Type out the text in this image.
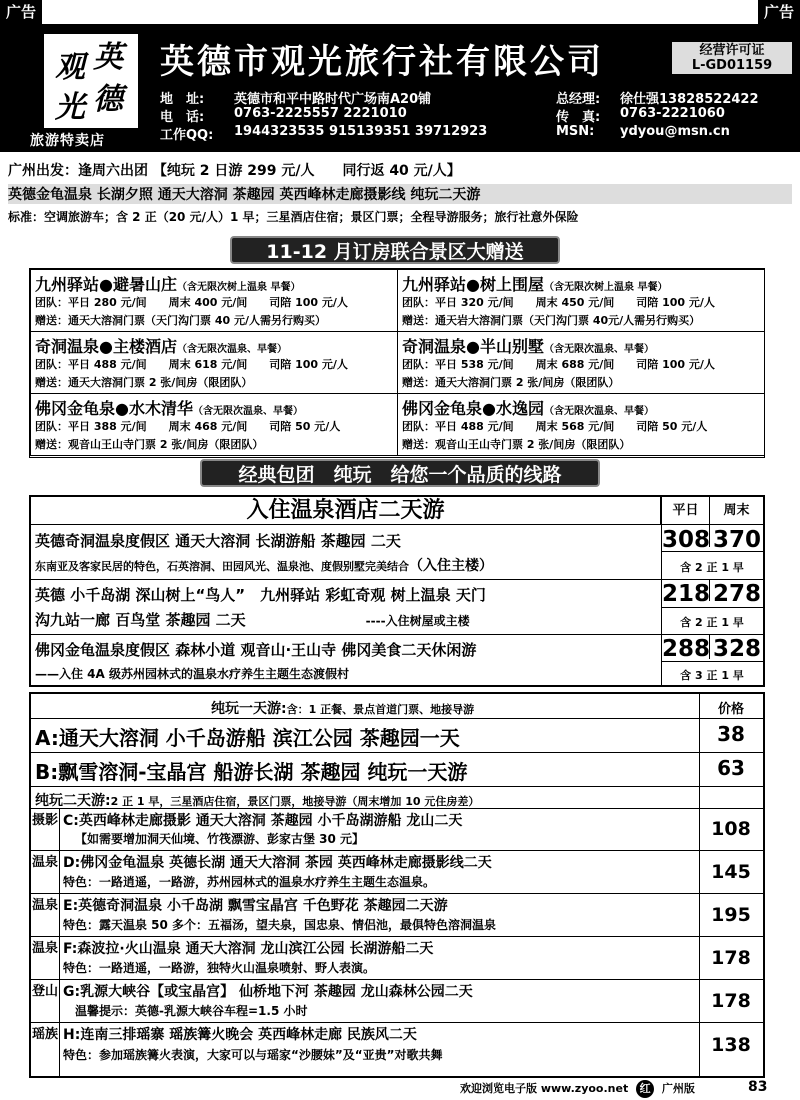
广告	广告
英
德
观
光
旅游特卖店
英德市观光旅行社有限公司	经营许可证
L-GD01159
地　址: 英德市和平中路时代广场南A20铺
电　话: 0763-2225557 2221010
工作QQ: 1944323535 915139351 39712923
总经理: 徐仕强13828522422
传　真: 0763-2221060
MSN: ydyou@msn.cn
广州出发：逢周六出团 【纯玩 2 日游 299 元/人　　同行返 40 元/人】
英德金龟温泉 长湖夕照 通天大溶洞 茶趣园 英西峰林走廊摄影线 纯玩二天游
标准：空调旅游车；含 2 正（20 元/人）1 早；三星酒店住宿；景区门票；全程导游服务；旅行社意外保险
11-12 月订房联合景区大赠送
九州驿站●避暑山庄（含无限次树上温泉 早餐）
团队：平日 280 元/间　　周末 400 元/间　　司陪 100 元/人
赠送：通天大溶洞门票（天门沟门票 40 元/人需另行购买）
九州驿站●树上围屋（含无限次树上温泉 早餐）
团队：平日 320 元/间　　周末 450 元/间　　司陪 100 元/人
赠送：通天岩大溶洞门票（天门沟门票 40元/人需另行购买）
奇洞温泉●主楼酒店（含无限次温泉、早餐）
团队：平日 488 元/间　　周末 618 元/间　　司陪 100 元/人
赠送：通天大溶洞门票 2 张/间房（限团队）
奇洞温泉●半山别墅（含无限次温泉、早餐）
团队：平日 538 元/间　　周末 688 元/间　　司陪 100 元/人
赠送：通天大溶洞门票 2 张/间房（限团队）
佛冈金龟泉●水木清华（含无限次温泉、早餐）
团队：平日 388 元/间　　周末 468 元/间　　司陪 50 元/人
赠送：观音山王山寺门票 2 张/间房（限团队）
佛冈金龟泉●水逸园（含无限次温泉、早餐）
团队：平日 488 元/间　　周末 568 元/间　　司陪 50 元/人
赠送：观音山王山寺门票 2 张/间房（限团队）
经典包团　纯玩　给您一个品质的线路
入住温泉酒店二天游	平日	周末
英德奇洞温泉度假区 通天大溶洞 长湖游船 茶趣园 二天
东南亚及客家民居的特色，石英溶洞、田园风光、温泉池、度假别墅完美结合（入住主楼）
308 370
含 2 正 1 早
英德 小千岛湖 深山树上“鸟人”　九州驿站 彩虹奇观 树上温泉 天门
沟九站一廊 百鸟堂 茶趣园 二天	----入住树屋或主楼
218 278
含 2 正 1 早
佛冈金龟温泉度假区 森林小道 观音山·王山寺 佛冈美食二天休闲游
——入住 4A 级苏州园林式的温泉水疗养生主题生态渡假村
288 328
含 3 正 1 早
纯玩一天游:含：1 正餐、景点首道门票、地接导游	价格
A:通天大溶洞 小千岛游船 滨江公园 茶趣园一天	38
B:飘雪溶洞-宝晶宫 船游长湖 茶趣园 纯玩一天游	63
纯玩二天游:2 正 1 早，三星酒店住宿，景区门票，地接导游（周末增加 10 元住房差）
摄影 C:英西峰林走廊摄影 通天大溶洞 茶趣园 小千岛湖游船 龙山二天
【如需要增加洞天仙境、竹筏漂游、彭家古堡 30 元】	108
温泉 D:佛冈金龟温泉 英德长湖 通天大溶洞 茶园 英西峰林走廊摄影线二天
特色：一路逍遥，一路游，苏州园林式的温泉水疗养生主题生态温泉。	145
温泉 E:英德奇洞温泉 小千岛湖 飘雪宝晶宫 千色野花 茶趣园二天游
特色：露天温泉 50 多个：五福汤，望夫泉，国忠泉、情侣池，最俱特色溶洞温泉	195
温泉 F:森波拉·火山温泉 通天大溶洞 龙山滨江公园 长湖游船二天
特色：一路逍遥，一路游，独特火山温泉喷射、野人表演。	178
登山 G:乳源大峡谷【或宝晶宫】 仙桥地下河 茶趣园 龙山森林公园二天
温馨提示：英德-乳源大峡谷车程=1.5 小时	178
瑶族 H:连南三排瑶寨 瑶族篝火晚会 英西峰林走廊 民族风二天
特色：参加瑶族篝火表演，大家可以与瑶家“沙腰妹”及“亚贵”对歌共舞	138
欢迎浏览电子版 www.zyoo.net 红 广州版	83
